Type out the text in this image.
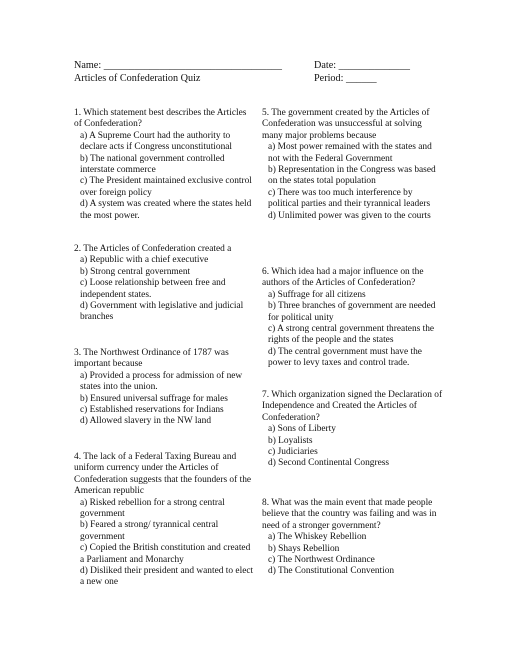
Name: ___________________________________	Date: ______________
Articles of Confederation Quiz	Period: ______

1. Which statement best describes the Articles of Confederation?

a) A Supreme Court had the authority to declare acts if Congress unconstitutional

b) The national government controlled interstate commerce

c) The President maintained exclusive control over foreign policy

d) A system was created where the states held the most power.

2. The Articles of Confederation created a

a) Republic with a chief executive

b) Strong central government

c) Loose relationship between free and independent states.

d) Government with legislative and judicial branches

3. The Northwest Ordinance of 1787 was important because

a) Provided a process for admission of new states into the union.

b) Ensured universal suffrage for males

c) Established reservations for Indians

d) Allowed slavery in the NW land

4. The lack of a Federal Taxing Bureau and uniform currency under the Articles of Confederation suggests that the founders of the American republic

a) Risked rebellion for a strong central government

b) Feared a strong/ tyrannical central government

c) Copied the British constitution and created a Parliament and Monarchy

d) Disliked their president and wanted to elect a new one

5. The government created by the Articles of Confederation was unsuccessful at solving many major problems because

a) Most power remained with the states and not with the Federal Government

b) Representation in the Congress was based on the states total population

c) There was too much interference by political parties and their tyrannical leaders

d) Unlimited power was given to the courts

6. Which idea had a major influence on the authors of the Articles of Confederation?

a) Suffrage for all citizens

b) Three branches of government are needed for political unity

c) A strong central government threatens the rights of the people and the states

d) The central government must have the power to levy taxes and control trade.

7. Which organization signed the Declaration of Independence and Created the Articles of Confederation?

a) Sons of Liberty

b) Loyalists

c) Judiciaries

d) Second Continental Congress

8. What was the main event that made people believe that the country was failing and was in need of a stronger government?

a) The Whiskey Rebellion

b) Shays Rebellion

c) The Northwest Ordinance

d) The Constitutional Convention
